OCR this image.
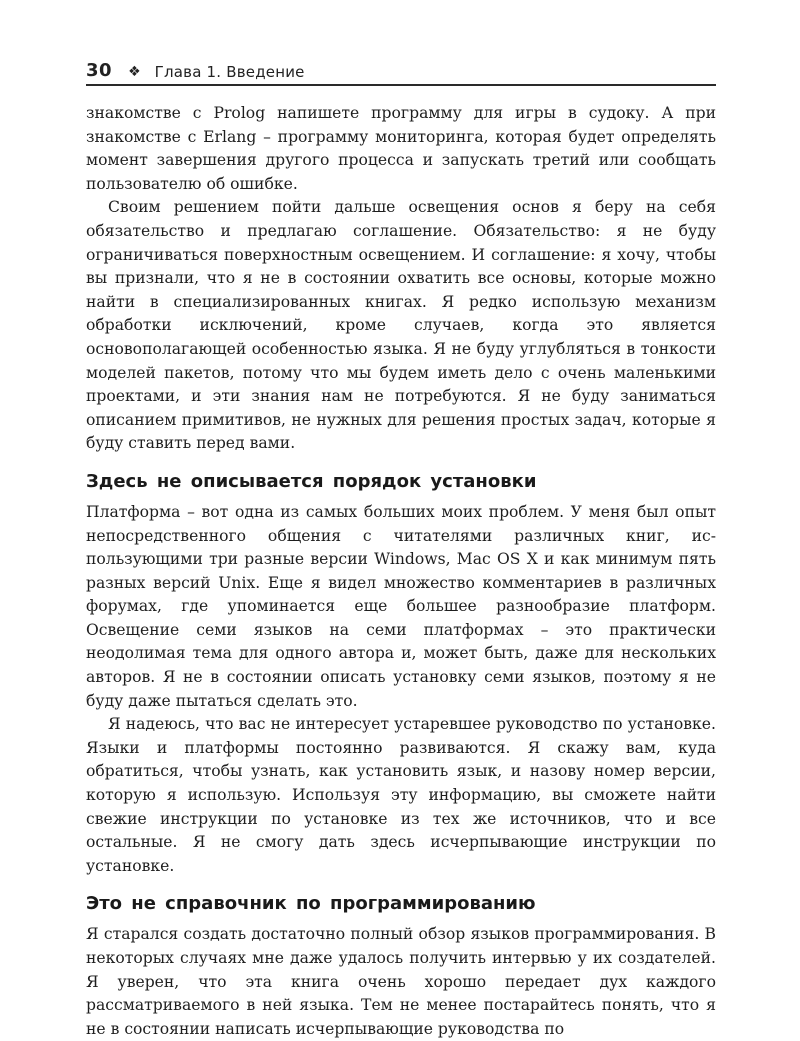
30 ❖ Глава 1. Введение

знакомстве с Prolog напишете программу для игры в судоку. А при знакомстве с Erlang – программу мониторинга, которая будет определять момент завершения другого процесса и запускать третий или сообщать пользователю об ошибке.

Своим решением пойти дальше освещения основ я беру на себя обязательство и предлагаю соглашение. Обязательство: я не буду ограничиваться поверхностным освещением. И соглашение: я хочу, чтобы вы признали, что я не в состоянии охватить все основы, которые можно найти в специализированных книгах. Я редко использую механизм обработки исключений, кроме случаев, когда это является основополагающей особенностью языка. Я не буду углубляться в тонкости моделей пакетов, потому что мы будем иметь дело с очень маленькими проектами, и эти знания нам не потребуются. Я не буду заниматься описанием примитивов, не нужных для решения простых задач, которые я буду ставить перед вами.

Здесь не описывается порядок установки

Платформа – вот одна из самых больших моих проблем. У меня был опыт непосредственного общения с читателями различных книг, использующими три разные версии Windows, Mac OS X и как минимум пять разных версий Unix. Еще я видел множество комментариев в различных форумах, где упоминается еще большее разнообразие платформ. Освещение семи языков на семи платформах – это практически неодолимая тема для одного автора и, может быть, даже для нескольких авторов. Я не в состоянии описать установку семи языков, поэтому я не буду даже пытаться сделать это.

Я надеюсь, что вас не интересует устаревшее руководство по установке. Языки и платформы постоянно развиваются. Я скажу вам, куда обратиться, чтобы узнать, как установить язык, и назову номер версии, которую я использую. Используя эту информацию, вы сможете найти свежие инструкции по установке из тех же источников, что и все остальные. Я не смогу дать здесь исчерпывающие инструкции по установке.

Это не справочник по программированию

Я старался создать достаточно полный обзор языков программирования. В некоторых случаях мне даже удалось получить интервью у их создателей. Я уверен, что эта книга очень хорошо передает дух каждого рассматриваемого в ней языка. Тем не менее постарайтесь понять, что я не в состоянии написать исчерпывающие руководства по
